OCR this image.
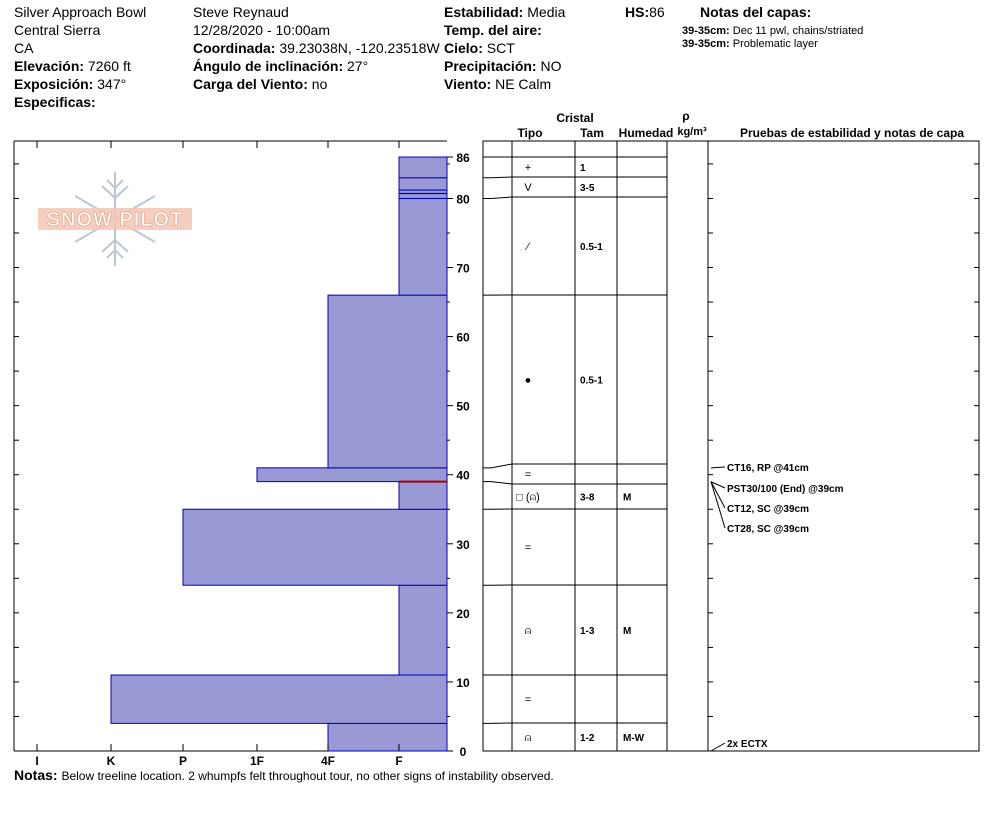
Silver Approach Bowl
Central Sierra
CA
Elevación: 7260 ft
Exposición: 347°
Especificas:
Steve Reynaud
12/28/2020 - 10:00am
Coordinada: 39.23038N, -120.23518W
Ángulo de inclinación: 27°
Carga del Viento: no
Estabilidad: Media
Temp. del aire:
Cielo: SCT
Precipitación: NO
Viento: NE Calm
HS:86	Notas del capas:
39-35cm: Dec 11 pwl, chains/striated
39-35cm: Problematic layer
SNOW PILOT
I	K	P	1F	4F	F
0
10
20
30
40
50
60
70
80
86
+	1
V	3-5
⁄	0.5-1
●	0.5-1
=
□ (⍝)	3-8	M
=
⍝	1-3	M
=
⍝	1-2	M-W
CT16, RP @41cm
PST30/100 (End) @39cm
CT12, SC @39cm
CT28, SC @39cm
2x ECTX
Cristal
Tipo	Tam Humedad
ρ
kg/m³	Pruebas de estabilidad y notas de capa
Notas: Below treeline location. 2 whumpfs felt throughout tour, no other signs of instability observed.
